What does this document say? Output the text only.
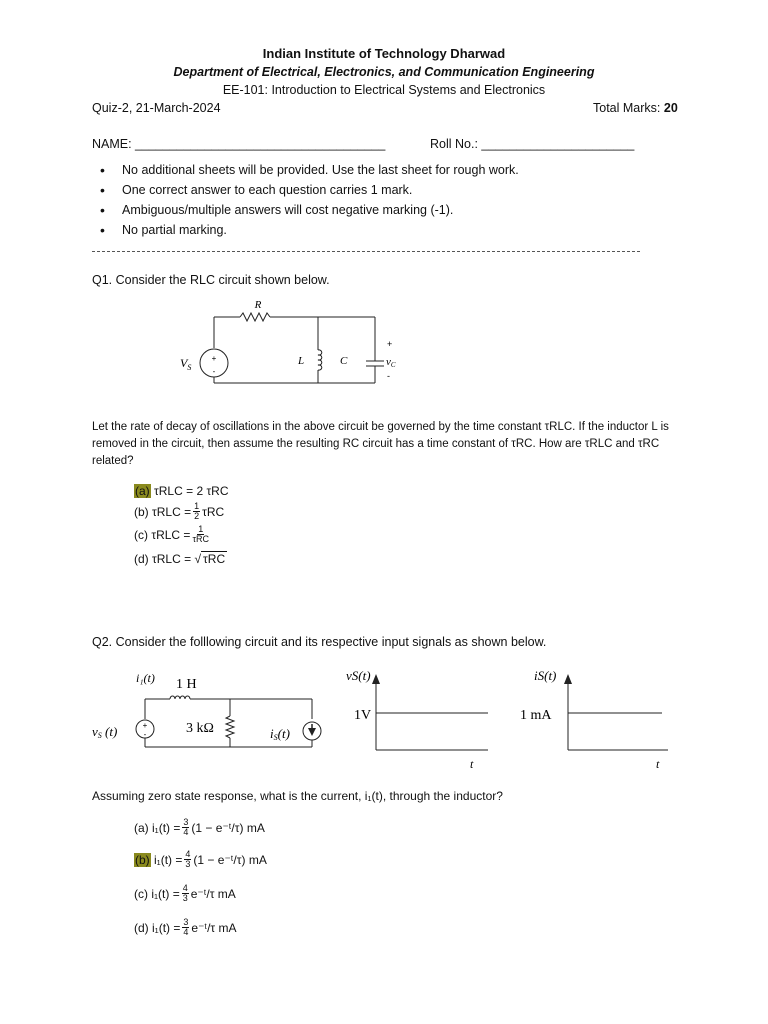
Indian Institute of Technology Dharwad
Department of Electrical, Electronics, and Communication Engineering
EE-101: Introduction to Electrical Systems and Electronics
Quiz-2, 21-March-2024	Total Marks: 20
NAME: ____________________________________	Roll No.: ______________________
• No additional sheets will be provided. Use the last sheet for rough work.
• One correct answer to each question carries 1 mark.
• Ambiguous/multiple answers will cost negative marking (-1).
• No partial marking.
Q1. Consider the RLC circuit shown below.
R
+
-
$V_S$
L	C
+
vC
-
Let the rate of decay of oscillations in the above circuit be governed by the time constant τRLC. If the inductor L is removed in the circuit, then assume the resulting RC circuit has a time constant of τRC. How are τRLC and τRC related?
(a)
τRLC = 2 τRC
(b)
$\tau RLC = \frac{1}{2}$ τRC
(c)
$\tau RLC = \frac{1}{\text{τRC}}$
(d)
τRLC = √ τRC
Q2. Consider the folllowing circuit and its respective input signals as shown below.
+
-
i₁(t) 1 H
vS (t)	3 kΩ	iS(t)
vS(t)
1V
t
iS(t)
1 mA
t
Assuming zero state response, what is the current, i₁(t), through the inductor?
(a)
$i_1(t) = \frac{3}{4} (1$ − e⁻ᵗ/τ) mA
(b)
$i_1(t) = \frac{4}{3} (1$ − e⁻ᵗ/τ) mA
(c)
$i_1(t) = \frac{4}{3}$ e⁻ᵗ/τ mA
(d)
$i_1(t) = \frac{3}{4}$ e⁻ᵗ/τ mA
